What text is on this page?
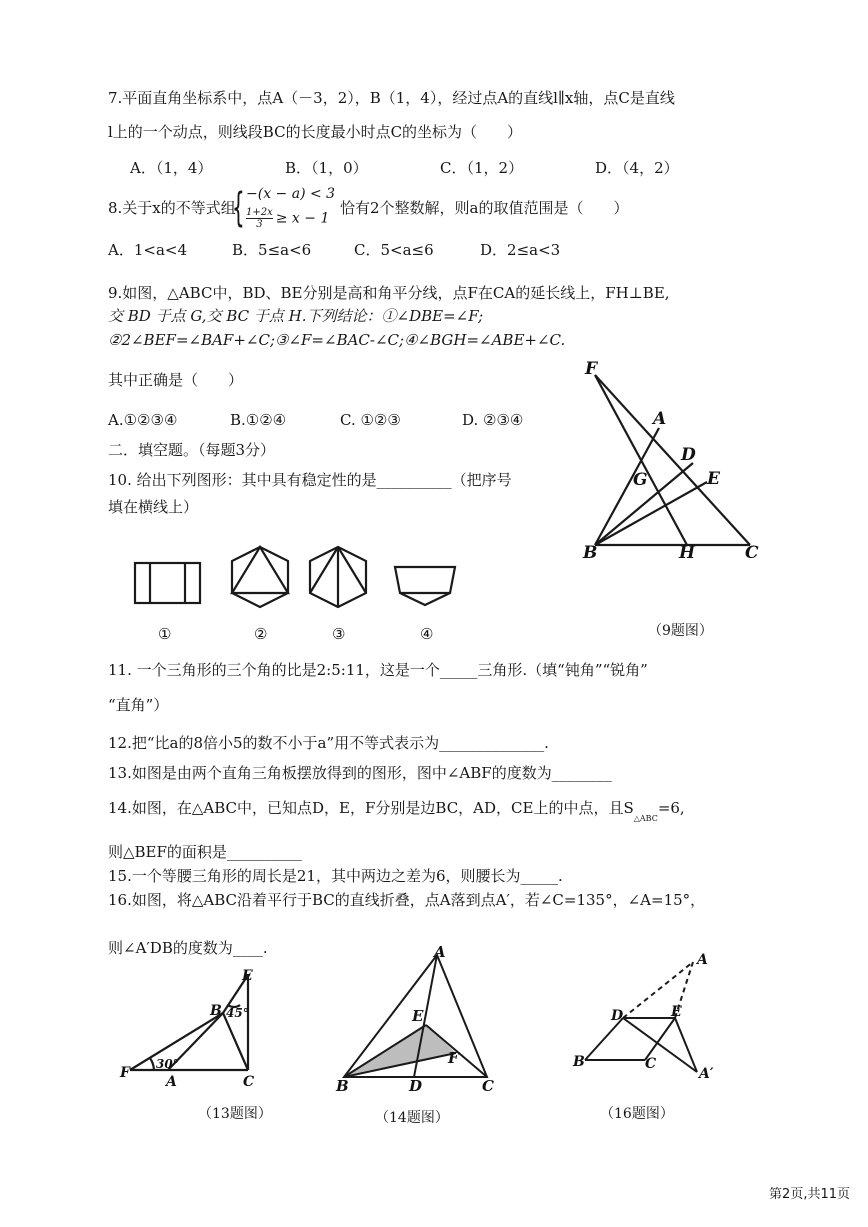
7.平面直角坐标系中，点A（－3，2），B（1，4），经过点A的直线l∥x轴，点C是直线
l上的一个动点，则线段BC的长度最小时点C的坐标为（　　）
A．（1，4）	B．（1，0）	C．（1，2）	D．（4，2）
8.关于x的不等式组
{ −(x − a) < 3
$\frac{1+2x}{3} \ge x - 1$
恰有2个整数解，则a的取值范围是（　　）
A．1<a<4	B．5≤a<6	C．5<a≤6	D．2≤a<3
9.如图，△ABC中，BD、BE分别是高和角平分线，点F在CA的延长线上，FH⊥BE,
交 BD 于点 G,交 BC 于点 H.下列结论：①∠DBE=∠F;
②2∠BEF=∠BAF+∠C;③∠F=∠BAC-∠C;④∠BGH=∠ABE+∠C.
其中正确是（　　）
A.①②③④	B.①②④	C. ①②③	D. ②③④
F
A
D
G	E
B	H	C
（9题图）
二．填空题。（每题3分）
10. 给出下列图形：其中具有稳定性的是__________（把序号
填在横线上）
①	②	③	④
11. 一个三角形的三个角的比是2:5:11，这是一个_____三角形.（填“钝角”“锐角”
“直角”）
12.把“比a的8倍小5的数不小于a”用不等式表示为______________.
13.如图是由两个直角三角板摆放得到的图形，图中∠ABF的度数为________
14.如图，在△ABC中，已知点D，E，F分别是边BC，AD，CE上的中点，且$S_{\triangle ABC}=6$,
则△BEF的面积是__________
15.一个等腰三角形的周长是21，其中两边之差为6，则腰长为_____.
16.如图，将△ABC沿着平行于BC的直线折叠，点A落到点A′，若∠C=135°，∠A=15°，
则∠A′DB的度数为____.
E
B 45°
30°
F
A	C
（13题图）
A
E
F
B	D	C
（14题图）
A
D	E
B	C
A′
（16题图）
第2页,共11页
